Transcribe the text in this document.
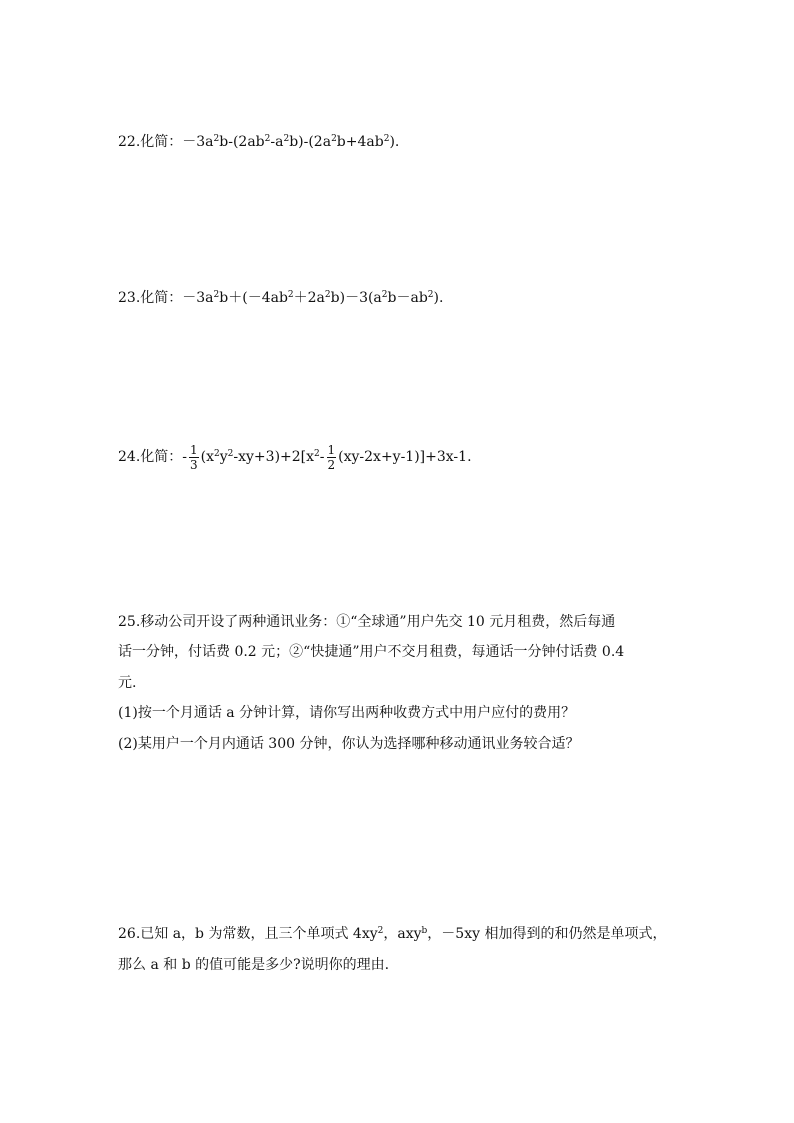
22.化简：$-3a^2b-(2ab^2-a^2b)-(2a^2b+4ab^2)$.
23.化简：$-3a^2b+(-4ab^2+2a^2b)-3(a^2b-ab^2)$.
24.化简：- $\frac{1}{3} (x^2y^2-xy+3)+2[x^2- \frac{1}{2} (xy-2x+y-1)]+3x-1$.
25.移动公司开设了两种通讯业务：①“全球通”用户先交 10 元月租费，然后每通
话一分钟，付话费 0.2 元；②“快捷通”用户不交月租费，每通话一分钟付话费 0.4
元.
(1)按一个月通话 a 分钟计算，请你写出两种收费方式中用户应付的费用？
(2)某用户一个月内通话 300 分钟，你认为选择哪种移动通讯业务较合适？
26.已知 a，b 为常数，且三个单项式 $4xy^2$，axy$^b$，－5xy 相加得到的和仍然是单项式，
那么 a 和 b 的值可能是多少?说明你的理由.
